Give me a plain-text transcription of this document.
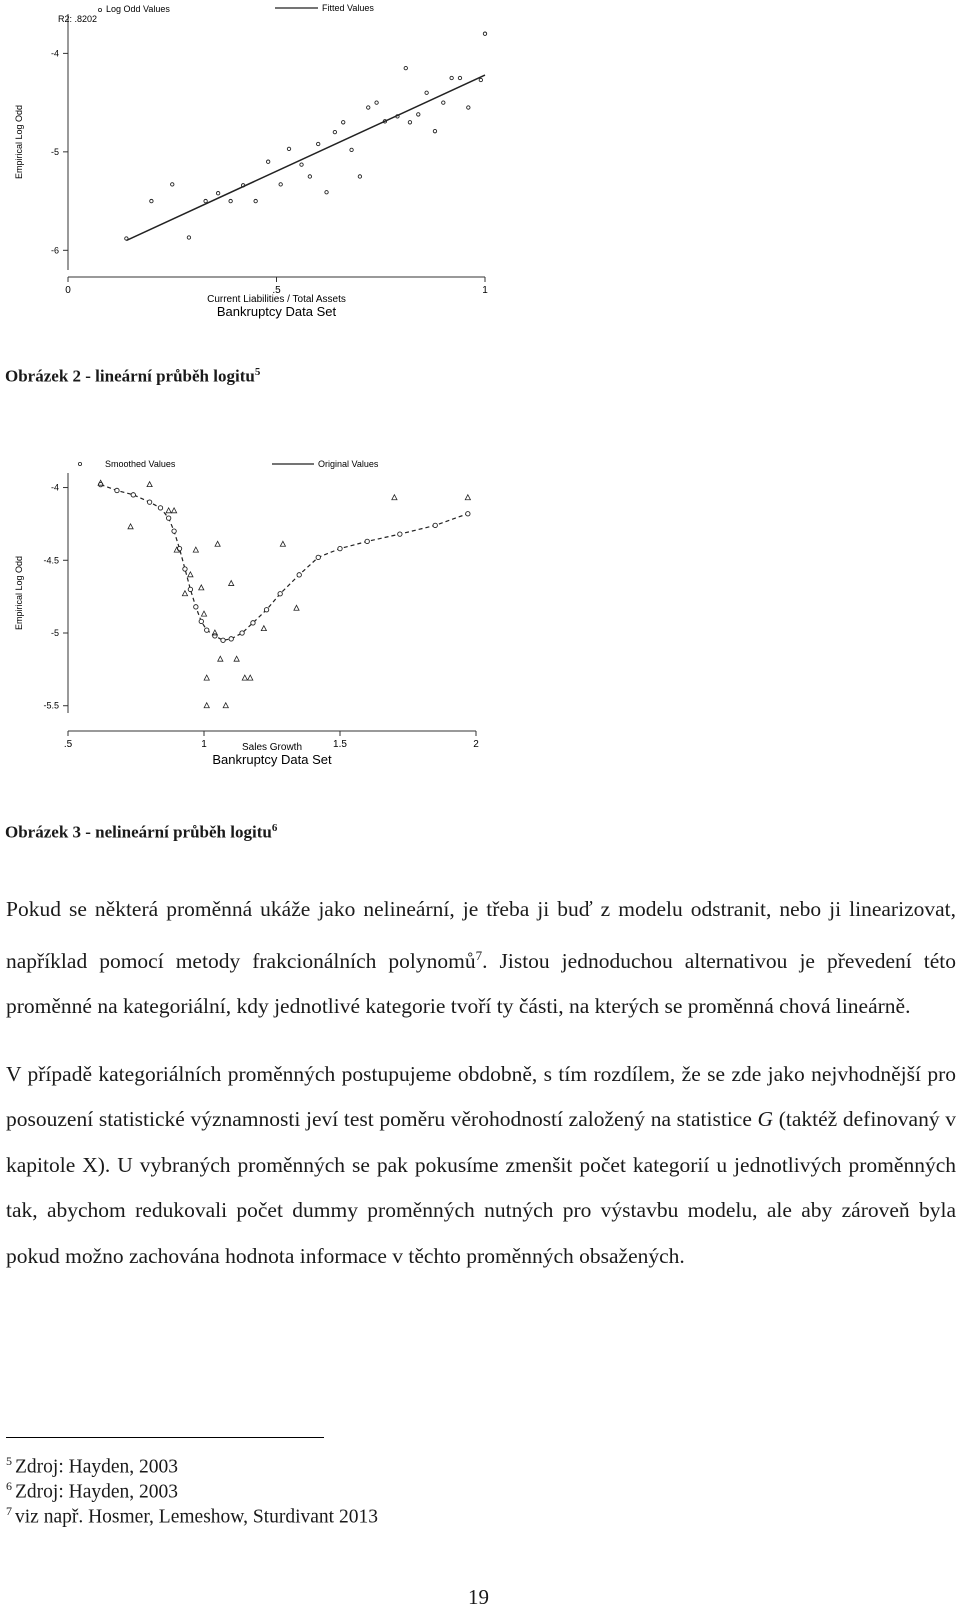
-4
-5
-6
0	.5	1
Empirical Log Odd
Current Liabilities / Total Assets
Bankruptcy Data Set
R2: .8202
Log Odd Values	Fitted Values
Obrázek 2 - lineární průběh logitu$^5$
-4
-4.5
-5
-5.5
.5	1	1.5	2
Empirical Log Odd
Sales Growth
Bankruptcy Data Set
Smoothed Values	Original Values
Obrázek 3 - nelineární průběh logitu$^6$

Pokud se některá proměnná ukáže jako nelineární, je třeba ji buď z modelu odstranit, nebo ji linearizovat, například pomocí metody frakcionálních polynomů$^7$. Jistou jednoduchou alternativou je převedení této proměnné na kategoriální, kdy jednotlivé kategorie tvoří ty části, na kterých se proměnná chová lineárně.

V případě kategoriálních proměnných postupujeme obdobně, s tím rozdílem, že se zde jako nejvhodnější pro posouzení statistické významnosti jeví test poměru věrohodností založený na statistice G (taktéž definovaný v kapitole X). U vybraných proměnných se pak pokusíme zmenšit počet kategorií u jednotlivých proměnných tak, abychom redukovali počet dummy proměnných nutných pro výstavbu modelu, ale aby zároveň byla pokud možno zachována hodnota informace v těchto proměnných obsažených.

$^5$ Zdroj: Hayden, 2003
$^6$ Zdroj: Hayden, 2003
$^7$ viz např. Hosmer, Lemeshow, Sturdivant 2013
19
